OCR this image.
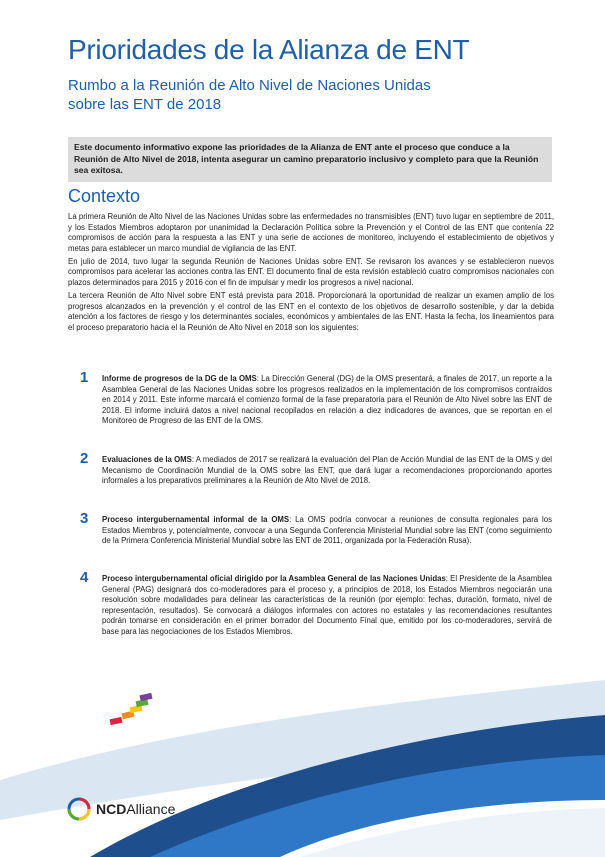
Prioridades de la Alianza de ENT
Rumbo a la Reunión de Alto Nivel de Naciones Unidas
sobre las ENT de 2018
Este documento informativo expone las prioridades de la Alianza de ENT ante el proceso que conduce a la Reunión de Alto Nivel de 2018, intenta asegurar un camino preparatorio inclusivo y completo para que la Reunión sea exitosa.
Contexto

La primera Reunión de Alto Nivel de las Naciones Unidas sobre las enfermedades no transmisibles (ENT) tuvo lugar en septiembre de 2011, y los Estados Miembros adoptaron por unanimidad la Declaración Política sobre la Prevención y el Control de las ENT que contenía 22 compromisos de acción para la respuesta a las ENT y una serie de acciones de monitoreo, incluyendo el establecimiento de objetivos y metas para establecer un marco mundial de vigilancia de las ENT.

En julio de 2014, tuvo lugar la segunda Reunión de Naciones Unidas sobre ENT. Se revisaron los avances y se establecieron nuevos compromisos para acelerar las acciones contra las ENT. El documento final de esta revisión estableció cuatro compromisos nacionales con plazos determinados para 2015 y 2016 con el fin de impulsar y medir los progresos a nivel nacional.

La tercera Reunión de Alto Nivel sobre ENT está prevista para 2018. Proporcionará la oportunidad de realizar un examen amplio de los progresos alcanzados en la prevención y el control de las ENT en el contexto de los objetivos de desarrollo sostenible, y dar la debida atención a los factores de riesgo y los determinantes sociales, económicos y ambientales de las ENT. Hasta la fecha, los lineamientos para el proceso preparatorio hacia el la Reunión de Alto Nivel en 2018 son los siguientes:

1 Informe de progresos de la DG de la OMS: La Dirección General (DG) de la OMS presentará, a finales de 2017, un reporte a la Asamblea General de las Naciones Unidas sobre los progresos realizados en la implementación de los compromisos contraídos en 2014 y 2011. Este informe marcará el comienzo formal de la fase preparatoria para el Reunión de Alto Nivel sobre las ENT de 2018. El informe incluirá datos a nivel nacional recopilados en relación a diez indicadores de avances, que se reportan en el Monitoreo de Progreso de las ENT de la OMS.
2 Evaluaciones de la OMS: A mediados de 2017 se realizará la evaluación del Plan de Acción Mundial de las ENT de la OMS y del Mecanismo de Coordinación Mundial de la OMS sobre las ENT, que dará lugar a recomendaciones proporcionando aportes informales a los preparativos preliminares a la Reunión de Alto Nivel de 2018.
3 Proceso intergubernamental informal de la OMS: La OMS podría convocar a reuniones de consulta regionales para los Estados Miembros y, potencialmente, convocar a una Segunda Conferencia Ministerial Mundial sobre las ENT (como seguimiento de la Primera Conferencia Ministerial Mundial sobre las ENT de 2011, organizada por la Federación Rusa).
4 Proceso intergubernamental oficial dirigido por la Asamblea General de las Naciones Unidas: El Presidente de la Asamblea General (PAG) designará dos co-moderadores para el proceso y, a principios de 2018, los Estados Miembros negociarán una resolución sobre modalidades para delinear las características de la reunión (por ejemplo: fechas, duración, formato, nivel de representación, resultados). Se convocará a diálogos informales con actores no estatales y las recomendaciones resultantes podrán tomarse en consideración en el primer borrador del Documento Final que, emitido por los co-moderadores, servirá de base para las negociaciones de los Estados Miembros.
NCDAlliance
